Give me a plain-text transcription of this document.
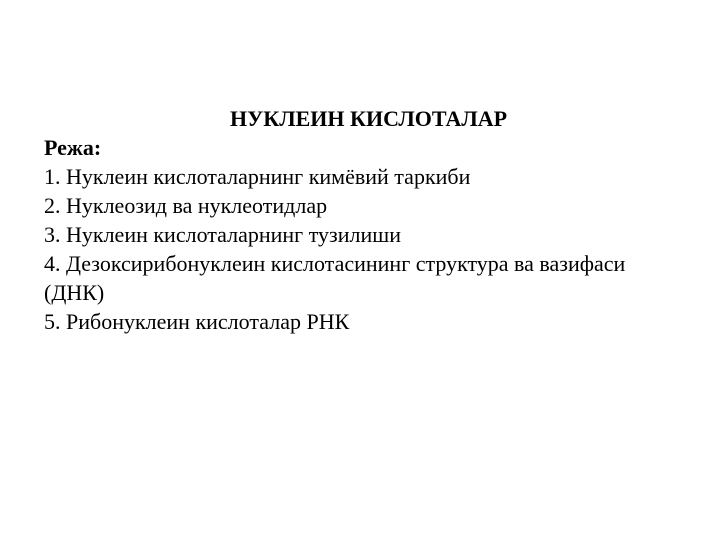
НУКЛЕИН КИСЛОТАЛАР
Режа:
1. Нуклеин кислоталарнинг кимёвий таркиби
2. Нуклеозид ва нуклеотидлар
3. Нуклеин кислоталарнинг тузилиши
4. Дезоксирибонуклеин кислотасининг структура ва вазифаси (ДНК)
5. Рибонуклеин кислоталар РНК
